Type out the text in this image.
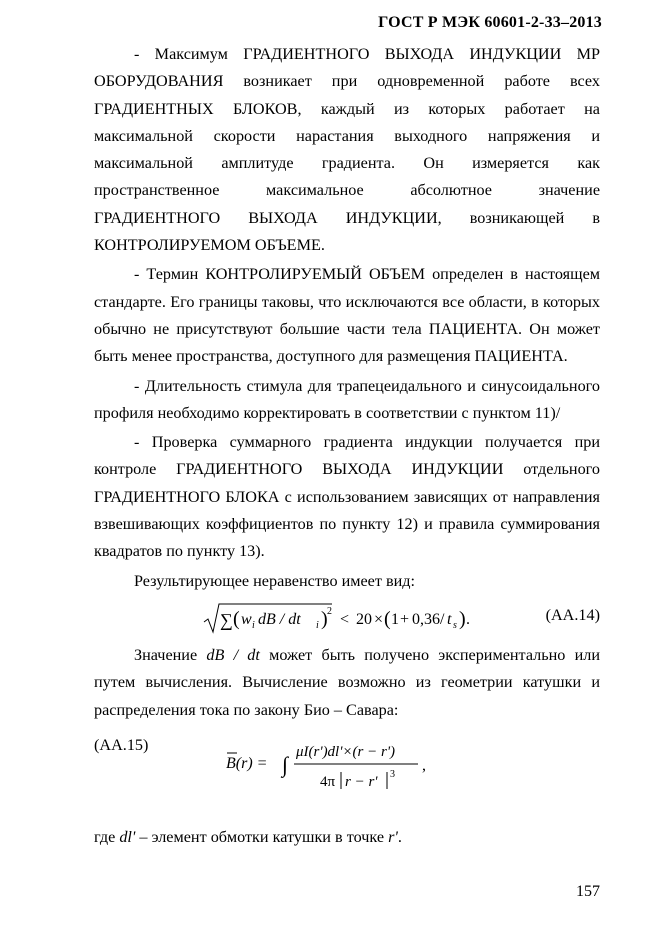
ГОСТ Р МЭК 60601-2-33–2013

- Максимум ГРАДИЕНТНОГО ВЫХОДА ИНДУКЦИИ МР ОБОРУДОВАНИЯ возникает при одновременной работе всех ГРАДИЕНТНЫХ БЛОКОВ, каждый из которых работает на максимальной скорости нарастания выходного напряжения и максимальной амплитуде градиента. Он измеряется как пространственное максимальное абсолютное значение ГРАДИЕНТНОГО ВЫХОДА ИНДУКЦИИ, возникающей в КОНТРОЛИРУЕМОМ ОБЪЕМЕ.

- Термин КОНТРОЛИРУЕМЫЙ ОБЪЕМ определен в настоящем стандарте. Его границы таковы, что исключаются все области, в которых обычно не присутствуют большие части тела ПАЦИЕНТА. Он может быть менее пространства, доступного для размещения ПАЦИЕНТА.

- Длительность стимула для трапецеидального и синусоидального профиля необходимо корректировать в соответствии с пунктом 11)/

- Проверка суммарного градиента индукции получается при контроле ГРАДИЕНТНОГО ВЫХОДА ИНДУКЦИИ отдельного ГРАДИЕНТНОГО БЛОКА с использованием зависящих от направления взвешивающих коэффициентов по пункту 12) и правила суммирования квадратов по пункту 13).

Результирующее неравенство имеет вид:

∑ ( w i dB / dt i ) 2 < 20 × ( 1 + 0,36 / t s ) .	(AA.14)

Значение dB / dt может быть получено экспериментально или путем вычисления. Вычисление возможно из геометрии катушки и распределения тока по закону Био – Савара:

B(r) = ∫ μI(r')dl'×(r − r')
4π r − r' 3
,
(AA.15)

где dl' – элемент обмотки катушки в точке r'.

157
